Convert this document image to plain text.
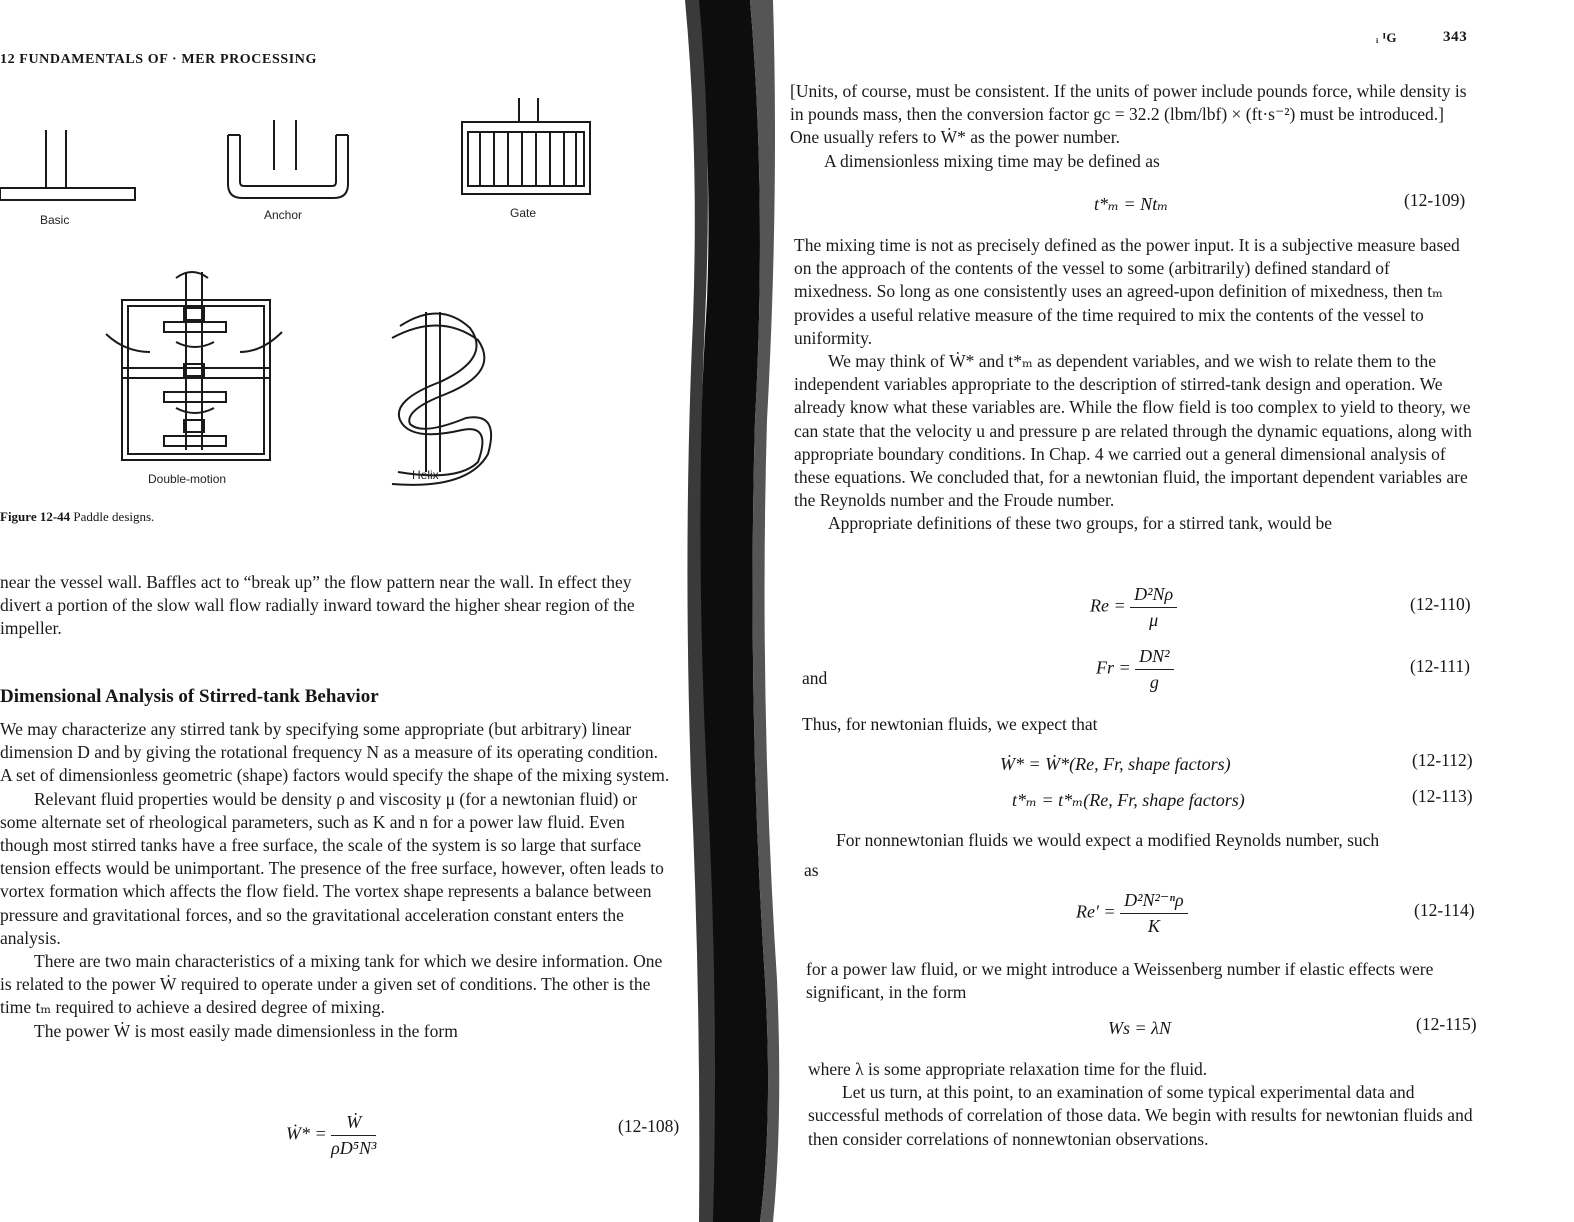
12 FUNDAMENTALS OF · MER PROCESSING
Basic	Anchor	Gate
Double-motion	Helix
Figure 12-44 Paddle designs.

near the vessel wall. Baffles act to “break up” the flow pattern near the wall. In effect they divert a portion of the slow wall flow radially inward toward the higher shear region of the impeller.

Dimensional Analysis of Stirred-tank Behavior

We may characterize any stirred tank by specifying some appropriate (but arbitrary) linear dimension D and by giving the rotational frequency N as a measure of its operating condition. A set of dimensionless geometric (shape) factors would specify the shape of the mixing system.

Relevant fluid properties would be density ρ and viscosity μ (for a newtonian fluid) or some alternate set of rheological parameters, such as K and n for a power law fluid. Even though most stirred tanks have a free surface, the scale of the system is so large that surface tension effects would be unimportant. The presence of the free surface, however, often leads to vortex formation which affects the flow field. The vortex shape represents a balance between pressure and gravitational forces, and so the gravitational acceleration constant enters the analysis.

There are two main characteristics of a mixing tank for which we desire information. One is related to the power Ẇ required to operate under a given set of conditions. The other is the time tₘ required to achieve a desired degree of mixing.

The power Ẇ is most easily made dimensionless in the form

Ẇ* = $\frac{\text{Ẇ}}{\text{ρD⁵N³}}$	(12-108)
ᵢ ᴵG	343

[Units, of course, must be consistent. If the units of power include pounds force, while density is in pounds mass, then the conversion factor gᴄ = 32.2 (lbm/lbf) × (ft·s⁻²) must be introduced.] One usually refers to Ẇ* as the power number.

A dimensionless mixing time may be defined as

t*ₘ = Ntₘ	(12-109)

The mixing time is not as precisely defined as the power input. It is a subjective measure based on the approach of the contents of the vessel to some (arbitrarily) defined standard of mixedness. So long as one consistently uses an agreed-upon definition of mixedness, then tₘ provides a useful relative measure of the time required to mix the contents of the vessel to uniformity.

We may think of Ẇ* and t*ₘ as dependent variables, and we wish to relate them to the independent variables appropriate to the description of stirred-tank design and operation. We already know what these variables are. While the flow field is too complex to yield to theory, we can state that the velocity u and pressure p are related through the dynamic equations, along with appropriate boundary conditions. In Chap. 4 we carried out a general dimensional analysis of these equations. We concluded that, for a newtonian fluid, the important dependent variables are the Reynolds number and the Froude number.

Appropriate definitions of these two groups, for a stirred tank, would be

$Re = \frac{\text{D²Nρ}}{\mu}$	(12-110)
and
$Fr = \frac{\text{DN²}}{g}$	(12-111)
Thus, for newtonian fluids, we expect that
Ẇ* = Ẇ*(Re, Fr, shape factors)	(12-112)
t*ₘ = t*ₘ(Re, Fr, shape factors)	(12-113)
For nonnewtonian fluids we would expect a modified Reynolds number, such
as
$Re' = \frac{\text{D²N²⁻ⁿρ}}{K}$	(12-114)

for a power law fluid, or we might introduce a Weissenberg number if elastic effects were significant, in the form

Ws = λN	(12-115)

where λ is some appropriate relaxation time for the fluid.

Let us turn, at this point, to an examination of some typical experimental data and successful methods of correlation of those data. We begin with results for newtonian fluids and then consider correlations of nonnewtonian observations.
